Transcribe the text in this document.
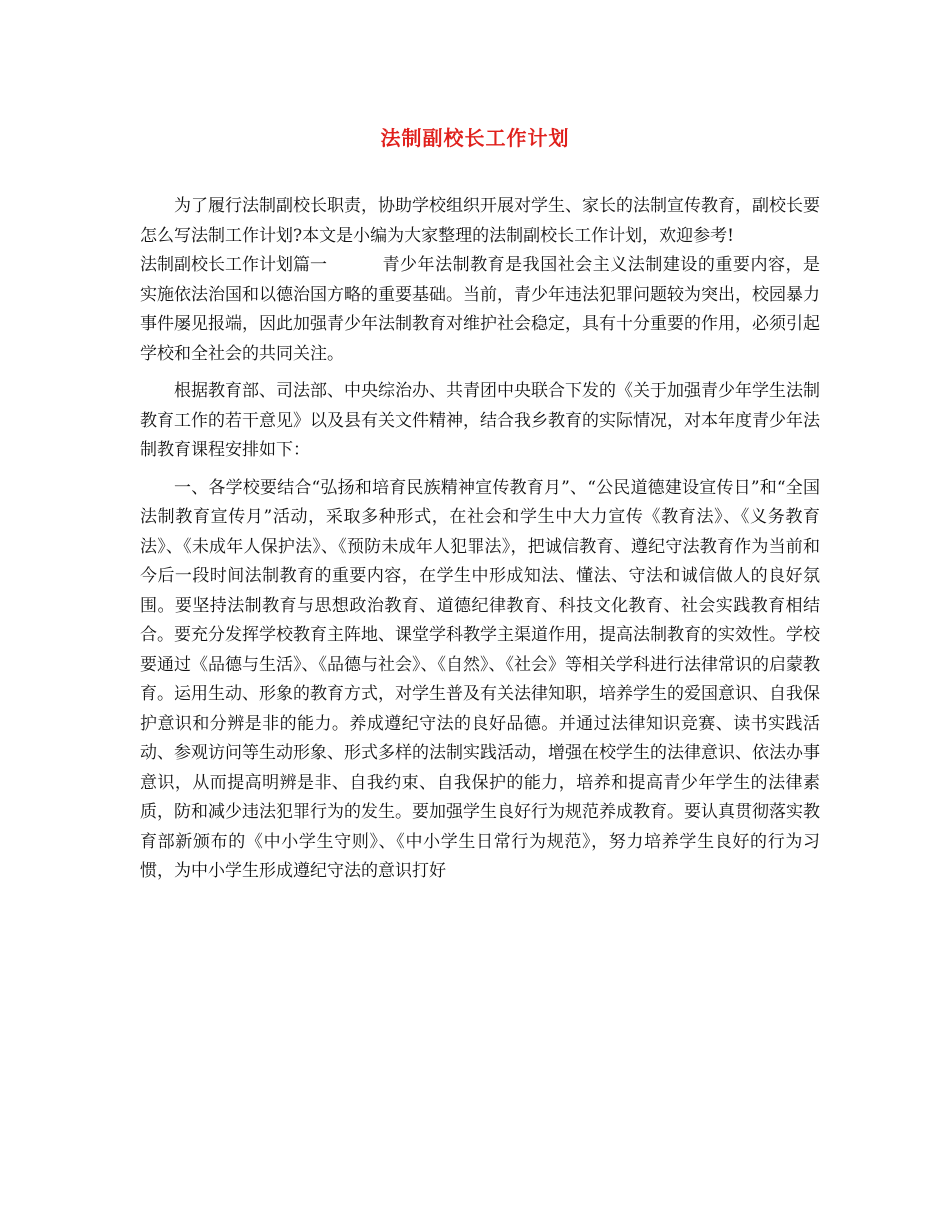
法制副校长工作计划

为了履行法制副校长职责，协助学校组织开展对学生、家长的法制宣传教育，副校长要怎么写法制工作计划?本文是小编为大家整理的法制副校长工作计划，欢迎参考!

法制副校长工作计划篇一	青少年法制教育是我国社会主义法制建设的重要内容，是实施依法治国和以德治国方略的重要基础。当前，青少年违法犯罪问题较为突出，校园暴力事件屡见报端，因此加强青少年法制教育对维护社会稳定，具有十分重要的作用，必须引起学校和全社会的共同关注。

根据教育部、司法部、中央综治办、共青团中央联合下发的《关于加强青少年学生法制教育工作的若干意见》以及县有关文件精神，结合我乡教育的实际情况，对本年度青少年法制教育课程安排如下：

一、各学校要结合“弘扬和培育民族精神宣传教育月”、“公民道德建设宣传日”和“全国法制教育宣传月”活动，采取多种形式，在社会和学生中大力宣传《教育法》、《义务教育法》、《未成年人保护法》、《预防未成年人犯罪法》，把诚信教育、遵纪守法教育作为当前和今后一段时间法制教育的重要内容，在学生中形成知法、懂法、守法和诚信做人的良好氛围。要坚持法制教育与思想政治教育、道德纪律教育、科技文化教育、社会实践教育相结合。要充分发挥学校教育主阵地、课堂学科教学主渠道作用，提高法制教育的实效性。学校要通过《品德与生活》、《品德与社会》、《自然》、《社会》等相关学科进行法律常识的启蒙教育。运用生动、形象的教育方式，对学生普及有关法律知职，培养学生的爱国意识、自我保护意识和分辨是非的能力。养成遵纪守法的良好品德。并通过法律知识竞赛、读书实践活动、参观访问等生动形象、形式多样的法制实践活动，增强在校学生的法律意识、依法办事意识，从而提高明辨是非、自我约束、自我保护的能力，培养和提高青少年学生的法律素质，防和减少违法犯罪行为的发生。要加强学生良好行为规范养成教育。要认真贯彻落实教育部新颁布的《中小学生守则》、《中小学生日常行为规范》，努力培养学生良好的行为习惯，为中小学生形成遵纪守法的意识打好
